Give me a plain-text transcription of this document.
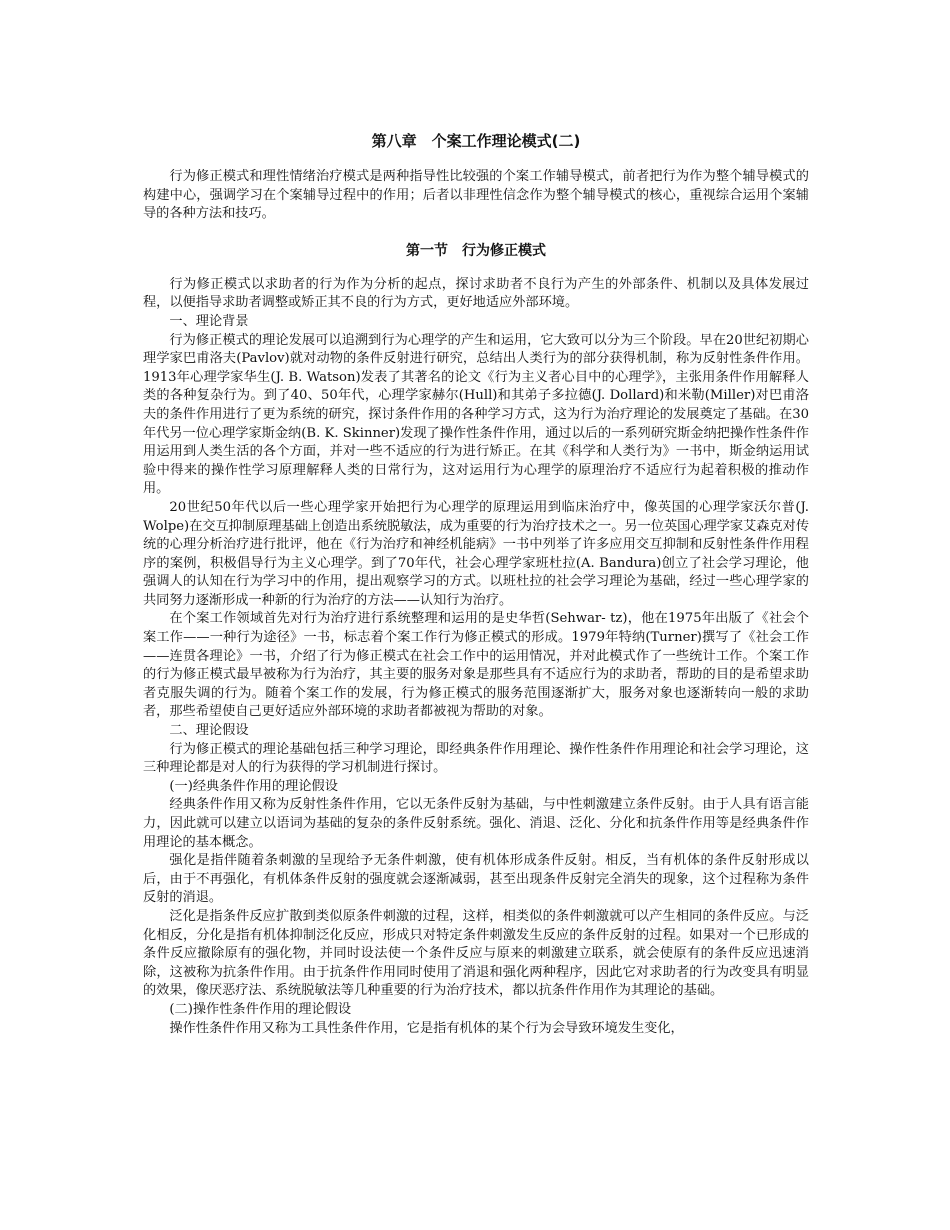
第八章　个案工作理论模式(二)

行为修正模式和理性情绪治疗模式是两种指导性比较强的个案工作辅导模式，前者把行为作为整个辅导模式的构建中心，强调学习在个案辅导过程中的作用；后者以非理性信念作为整个辅导模式的核心，重视综合运用个案辅导的各种方法和技巧。

第一节　行为修正模式

行为修正模式以求助者的行为作为分析的起点，探讨求助者不良行为产生的外部条件、机制以及具体发展过程，以便指导求助者调整或矫正其不良的行为方式，更好地适应外部环境。

一、理论背景

行为修正模式的理论发展可以追溯到行为心理学的产生和运用，它大致可以分为三个阶段。早在20世纪初期心理学家巴甫洛夫(Pavlov)就对动物的条件反射进行研究，总结出人类行为的部分获得机制，称为反射性条件作用。1913年心理学家华生(J. B. Watson)发表了其著名的论文《行为主义者心目中的心理学》，主张用条件作用解释人类的各种复杂行为。到了40、50年代，心理学家赫尔(Hull)和其弟子多拉德(J. Dollard)和米勒(Miller)对巴甫洛夫的条件作用进行了更为系统的研究，探讨条件作用的各种学习方式，这为行为治疗理论的发展奠定了基础。在30年代另一位心理学家斯金纳(B. K. Skinner)发现了操作性条件作用，通过以后的一系列研究斯金纳把操作性条件作用运用到人类生活的各个方面，并对一些不适应的行为进行矫正。在其《科学和人类行为》一书中，斯金纳运用试验中得来的操作性学习原理解释人类的日常行为，这对运用行为心理学的原理治疗不适应行为起着积极的推动作用。

20世纪50年代以后一些心理学家开始把行为心理学的原理运用到临床治疗中，像英国的心理学家沃尔普(J. Wolpe)在交互抑制原理基础上创造出系统脱敏法，成为重要的行为治疗技术之一。另一位英国心理学家艾森克对传统的心理分析治疗进行批评，他在《行为治疗和神经机能病》一书中列举了许多应用交互抑制和反射性条件作用程序的案例，积极倡导行为主义心理学。到了70年代，社会心理学家班杜拉(A. Bandura)创立了社会学习理论，他强调人的认知在行为学习中的作用，提出观察学习的方式。以班杜拉的社会学习理论为基础，经过一些心理学家的共同努力逐渐形成一种新的行为治疗的方法——认知行为治疗。

在个案工作领域首先对行为治疗进行系统整理和运用的是史华哲(Sehwar- tz)，他在1975年出版了《社会个案工作——一种行为途径》一书，标志着个案工作行为修正模式的形成。1979年特纳(Turner)撰写了《社会工作——连贯各理论》一书，介绍了行为修正模式在社会工作中的运用情况，并对此模式作了一些统计工作。个案工作的行为修正模式最早被称为行为治疗，其主要的服务对象是那些具有不适应行为的求助者，帮助的目的是希望求助者克服失调的行为。随着个案工作的发展，行为修正模式的服务范围逐渐扩大，服务对象也逐渐转向一般的求助者，那些希望使自己更好适应外部环境的求助者都被视为帮助的对象。

二、理论假设

行为修正模式的理论基础包括三种学习理论，即经典条件作用理论、操作性条件作用理论和社会学习理论，这三种理论都是对人的行为获得的学习机制进行探讨。

(一)经典条件作用的理论假设

经典条件作用又称为反射性条件作用，它以无条件反射为基础，与中性刺激建立条件反射。由于人具有语言能力，因此就可以建立以语词为基础的复杂的条件反射系统。强化、消退、泛化、分化和抗条件作用等是经典条件作用理论的基本概念。

强化是指伴随着条刺激的呈现给予无条件刺激，使有机体形成条件反射。相反，当有机体的条件反射形成以后，由于不再强化，有机体条件反射的强度就会逐渐减弱，甚至出现条件反射完全消失的现象，这个过程称为条件反射的消退。

泛化是指条件反应扩散到类似原条件刺激的过程，这样，相类似的条件刺激就可以产生相同的条件反应。与泛化相反，分化是指有机体抑制泛化反应，形成只对特定条件刺激发生反应的条件反射的过程。如果对一个已形成的条件反应撤除原有的强化物，并同时设法使一个条件反应与原来的刺激建立联系，就会使原有的条件反应迅速消除，这被称为抗条件作用。由于抗条件作用同时使用了消退和强化两种程序，因此它对求助者的行为改变具有明显的效果，像厌恶疗法、系统脱敏法等几种重要的行为治疗技术，都以抗条件作用作为其理论的基础。

(二)操作性条件作用的理论假设

操作性条件作用又称为工具性条件作用，它是指有机体的某个行为会导致环境发生变化，
